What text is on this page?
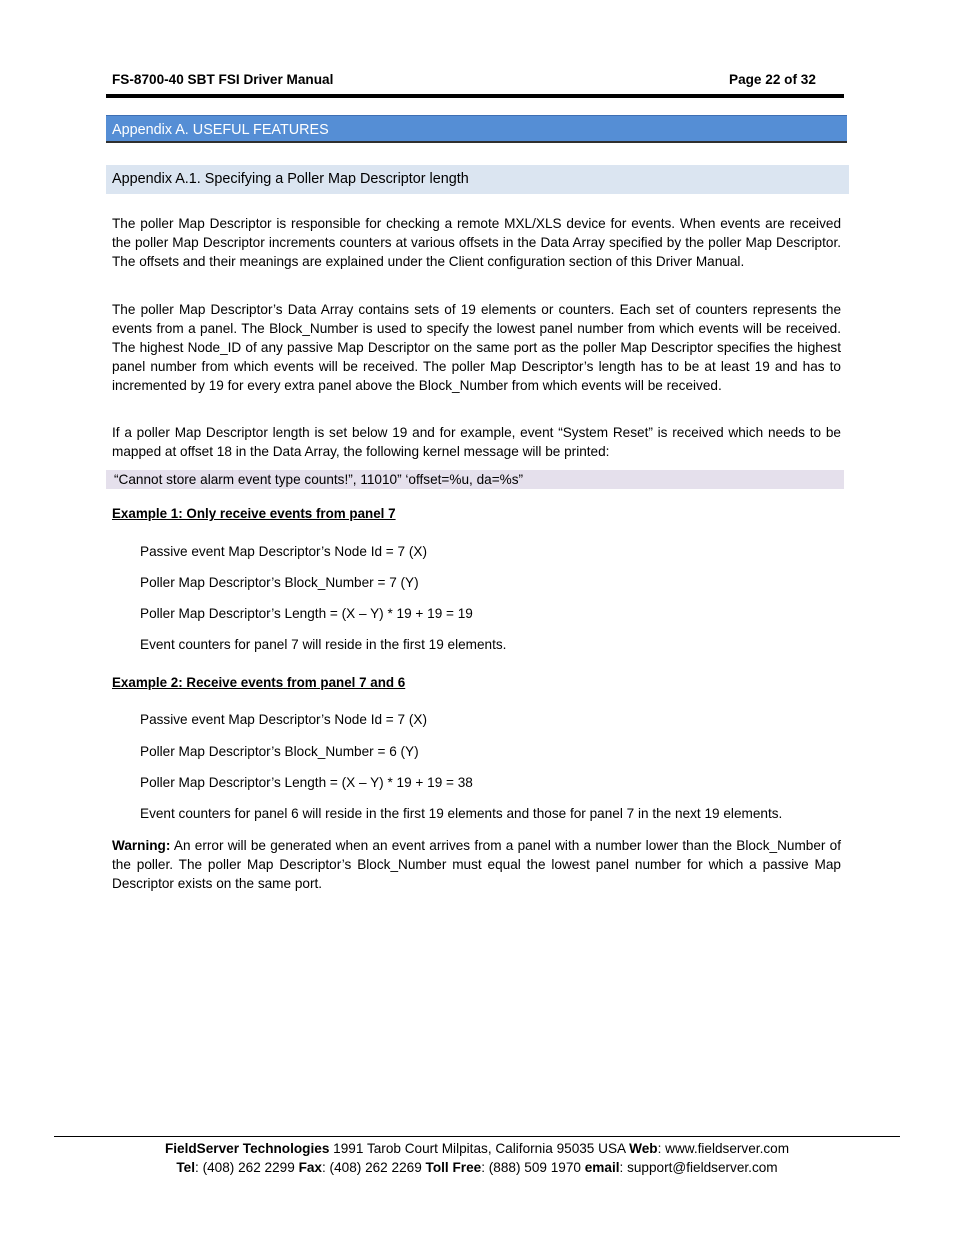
FS-8700-40 SBT FSI Driver Manual	Page 22 of 32
Appendix A. USEFUL FEATURES
Appendix A.1. Specifying a Poller Map Descriptor length
The poller Map Descriptor is responsible for checking a remote MXL/XLS device for events. When events are received the poller Map Descriptor increments counters at various offsets in the Data Array specified by the poller Map Descriptor. The offsets and their meanings are explained under the Client configuration section of this Driver Manual.
The poller Map Descriptor’s Data Array contains sets of 19 elements or counters. Each set of counters represents the events from a panel. The Block_Number is used to specify the lowest panel number from which events will be received. The highest Node_ID of any passive Map Descriptor on the same port as the poller Map Descriptor specifies the highest panel number from which events will be received. The poller Map Descriptor’s length has to be at least 19 and has to incremented by 19 for every extra panel above the Block_Number from which events will be received.
If a poller Map Descriptor length is set below 19 and for example, event “System Reset” is received which needs to be mapped at offset 18 in the Data Array, the following kernel message will be printed:
“Cannot store alarm event type counts!”, 11010” ‘offset=%u, da=%s”
Example 1: Only receive events from panel 7
Passive event Map Descriptor’s Node Id = 7 (X)
Poller Map Descriptor’s Block_Number = 7 (Y)
Poller Map Descriptor’s Length = (X – Y) * 19 + 19 = 19
Event counters for panel 7 will reside in the first 19 elements.
Example 2: Receive events from panel 7 and 6
Passive event Map Descriptor’s Node Id = 7 (X)
Poller Map Descriptor’s Block_Number = 6 (Y)
Poller Map Descriptor’s Length = (X – Y) * 19 + 19 = 38
Event counters for panel 6 will reside in the first 19 elements and those for panel 7 in the next 19 elements.
Warning: An error will be generated when an event arrives from a panel with a number lower than the Block_Number of the poller. The poller Map Descriptor’s Block_Number must equal the lowest panel number for which a passive Map Descriptor exists on the same port.
FieldServer Technologies 1991 Tarob Court Milpitas, California 95035 USA Web: www.fieldserver.com
Tel: (408) 262 2299 Fax: (408) 262 2269 Toll Free: (888) 509 1970 email: support@fieldserver.com
